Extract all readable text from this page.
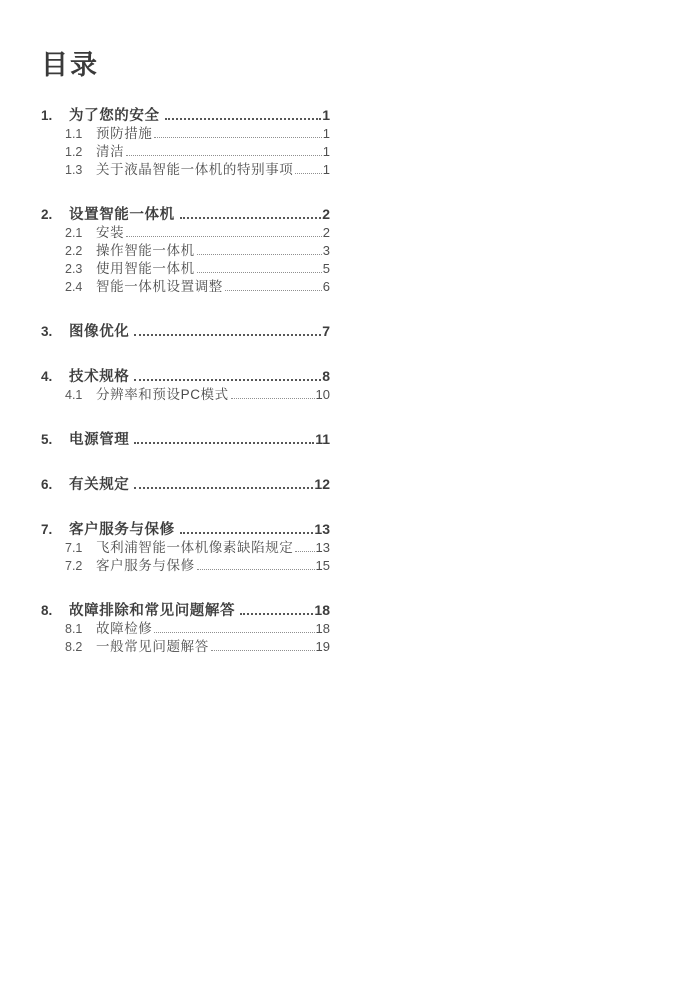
目录
1.	为了您的安全	1
1.1	预防措施	1
1.2	清洁	1
1.3	关于液晶智能一体机的特别事项 1
2.	设置智能一体机	2
2.1	安装	2
2.2	操作智能一体机	3
2.3	使用智能一体机	5
2.4	智能一体机设置调整	6
3.	图像优化	7
4.	技术规格	8
4.1	分辨率和预设PC模式	10
5.	电源管理	11
6.	有关规定	12
7.	客户服务与保修	13
7.1	飞利浦智能一体机像素缺陷规定 13
7.2	客户服务与保修	15
8.	故障排除和常见问题解答	18
8.1	故障检修	18
8.2	一般常见问题解答	19
